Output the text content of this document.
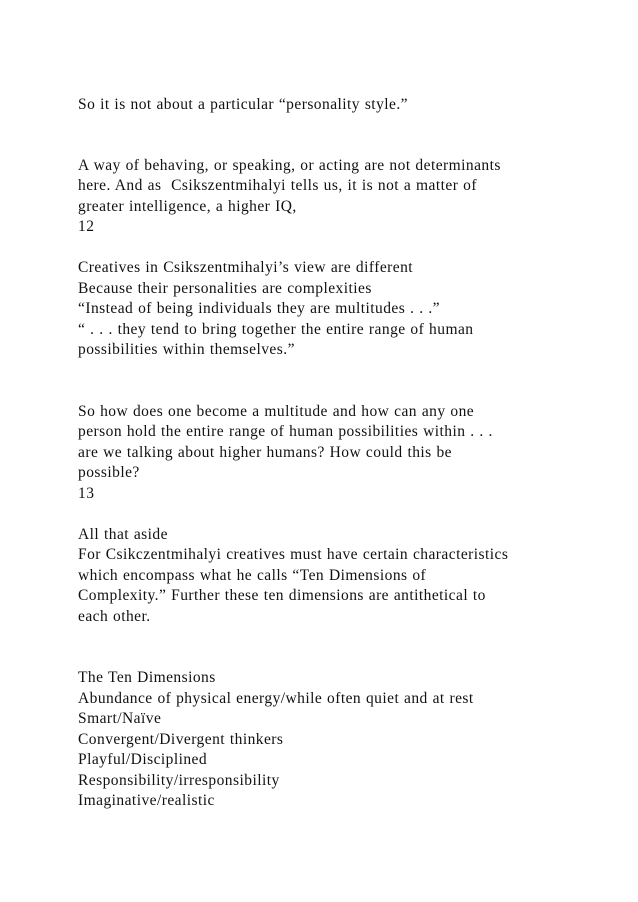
So it is not about a particular “personality style.”

A way of behaving, or speaking, or acting are not determinants

here. And as  Csikszentmihalyi tells us, it is not a matter of

greater intelligence, a higher IQ,

12

Creatives in Csikszentmihalyi’s view are different

Because their personalities are complexities

“Instead of being individuals they are multitudes . . .”

“ . . . they tend to bring together the entire range of human

possibilities within themselves.”

So how does one become a multitude and how can any one

person hold the entire range of human possibilities within . . .

are we talking about higher humans? How could this be

possible?

13

All that aside

For Csikczentmihalyi creatives must have certain characteristics

which encompass what he calls “Ten Dimensions of

Complexity.” Further these ten dimensions are antithetical to

each other.

The Ten Dimensions

Abundance of physical energy/while often quiet and at rest

Smart/Naïve

Convergent/Divergent thinkers

Playful/Disciplined

Responsibility/irresponsibility

Imaginative/realistic
